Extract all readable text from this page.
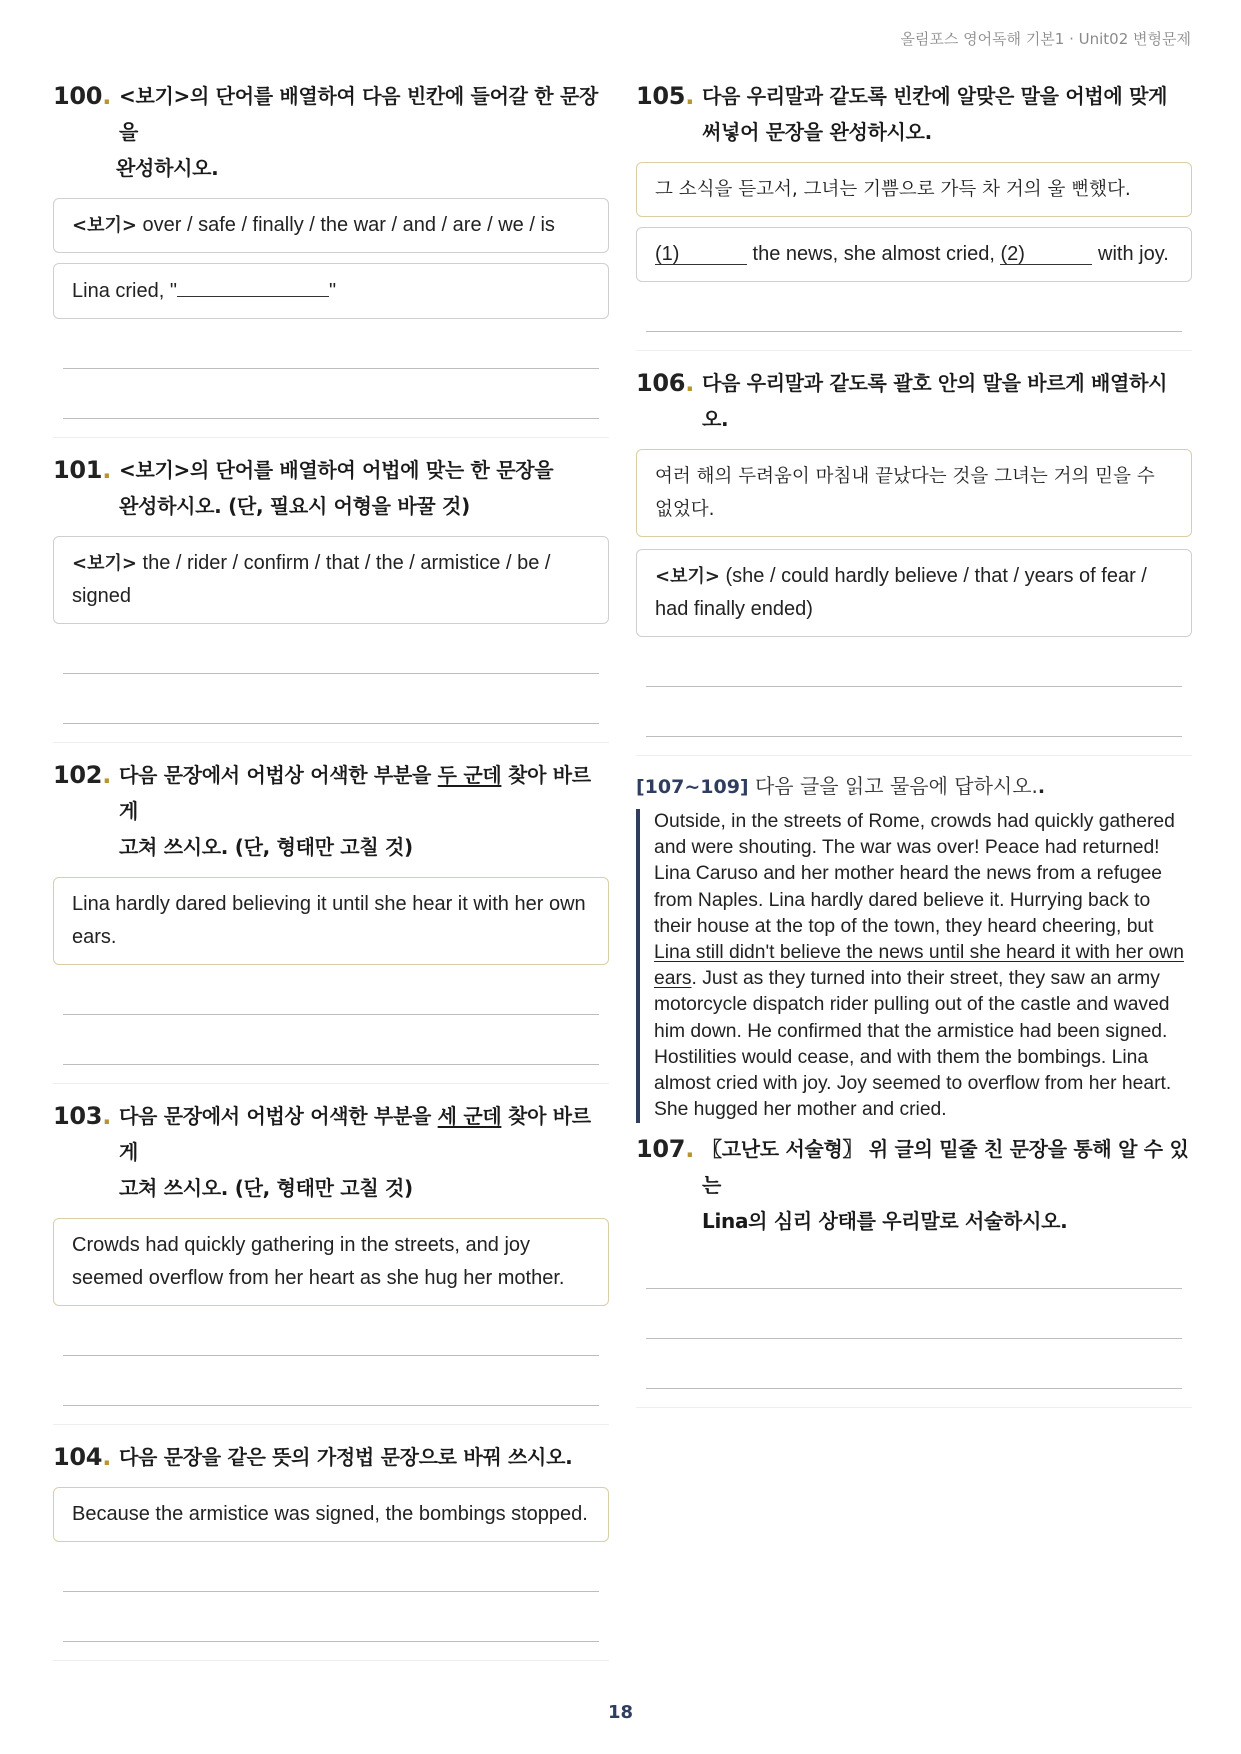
올림포스 영어독해 기본1 · Unit02 변형문제
100 . <보기>의 단어를 배열하여 다음 빈칸에 들어갈 한 문장을
완성하시오.
<보기> over / safe / finally / the war / and / are / we / is
Lina cried, "	"
101 . <보기>의 단어를 배열하여 어법에 맞는 한 문장을
완성하시오. (단, 필요시 어형을 바꿀 것)
<보기> the / rider / confirm / that / the / armistice / be / signed
102 . 다음 문장에서 어법상 어색한 부분을 두 군데 찾아 바르게
고쳐 쓰시오. (단, 형태만 고칠 것)
Lina hardly dared believing it until she hear it with her own ears.
103 . 다음 문장에서 어법상 어색한 부분을 세 군데 찾아 바르게
고쳐 쓰시오. (단, 형태만 고칠 것)
Crowds had quickly gathering in the streets, and joy seemed overflow from her heart as she hug her mother.
104 . 다음 문장을 같은 뜻의 가정법 문장으로 바꿔 쓰시오.
Because the armistice was signed, the bombings stopped.
105 . 다음 우리말과 같도록 빈칸에 알맞은 말을 어법에 맞게
써넣어 문장을 완성하시오.
그 소식을 듣고서, 그녀는 기쁨으로 가득 차 거의 울 뻔했다.
(1)	the news, she almost cried, (2)	with joy.
106 . 다음 우리말과 같도록 괄호 안의 말을 바르게 배열하시오.
여러 해의 두려움이 마침내 끝났다는 것을 그녀는 거의 믿을 수 없었다.
<보기> (she / could hardly believe / that / years of fear / had finally ended)
[107~109] 다음 글을 읽고 물음에 답하시오..
Outside, in the streets of Rome, crowds had quickly gathered and were shouting. The war was over! Peace had returned! Lina Caruso and her mother heard the news from a refugee from Naples. Lina hardly dared believe it. Hurrying back to their house at the top of the town, they heard cheering, but Lina still didn't believe the news until she heard it with her own ears. Just as they turned into their street, they saw an army motorcycle dispatch rider pulling out of the castle and waved him down. He confirmed that the armistice had been signed. Hostilities would cease, and with them the bombings. Lina almost cried with joy. Joy seemed to overflow from her heart. She hugged her mother and cried.
107 . 〖고난도 서술형〗 위 글의 밑줄 친 문장을 통해 알 수 있는
Lina의 심리 상태를 우리말로 서술하시오.
18
